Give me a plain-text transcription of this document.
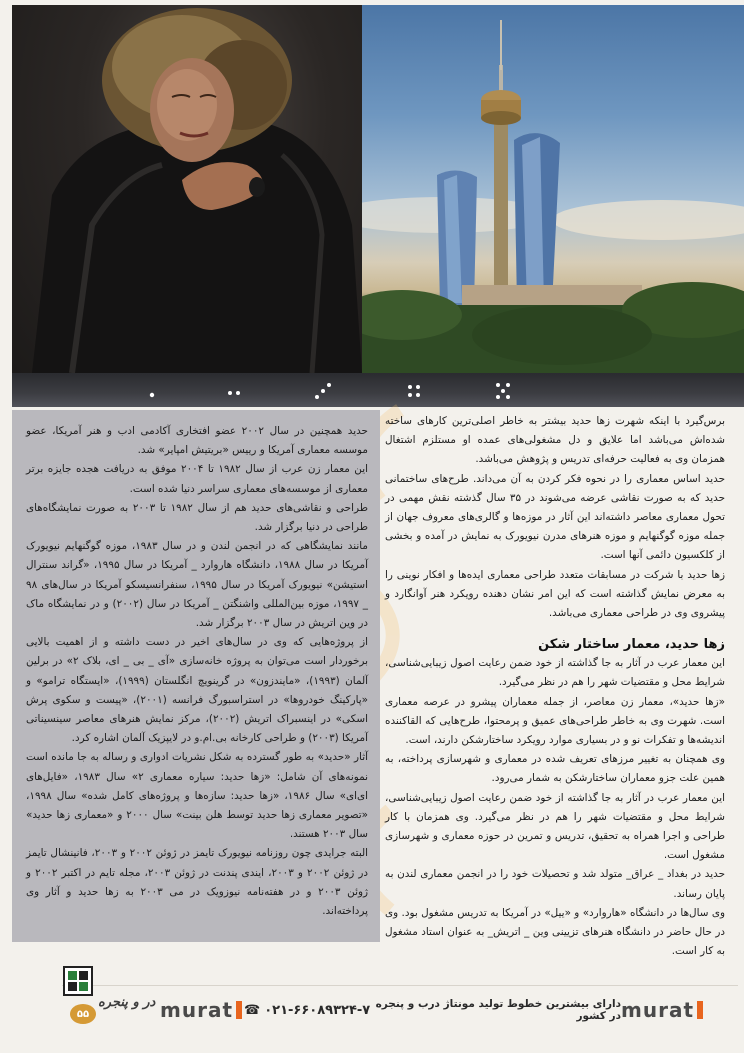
حدید همچنین در سال ۲۰۰۲ عضو افتخاری آکادمی ادب و هنر آمریکا، عضو موسسه معماری آمریکا و رییس «بریتیش امپایر» شد.

این معمار زن عرب از سال ۱۹۸۲ تا ۲۰۰۴ موفق به دریافت هجده جایزه برتر معماری از موسسه‌های معماری سراسر دنیا شده است.

طراحی و نقاشی‌های حدید هم از سال ۱۹۸۲ تا ۲۰۰۳ به صورت نمایشگاه‌های طراحی در دنیا برگزار شد.

مانند نمایشگاهی که در انجمن لندن و در سال ۱۹۸۳، موزه گوگنهایم نیویورک آمریکا در سال ۱۹۸۸، دانشگاه هاروارد _ آمریکا در سال ۱۹۹۵، «گراند سنترال استیشن» نیویورک آمریکا در سال ۱۹۹۵، سنفرانسیسکو آمریکا در سال‌های ۹۸ _ ۱۹۹۷، موزه بین‌المللی واشنگتن _ آمریکا در سال (۲۰۰۲) و در نمایشگاه ماک در وین اتریش در سال ۲۰۰۳ برگزار شد.

از پروژه‌هایی که وی در سال‌های اخیر در دست داشته و از اهمیت بالایی برخوردار است می‌توان به پروژه خانه‌سازی «آی _ بی _ ای، بلاک ۲» در برلین آلمان (۱۹۹۳)، «مایندزون» در گرینویچ انگلستان (۱۹۹۹)، «ایستگاه ترامو» و «پارکینگ خودروها» در استراسبورگ فرانسه (۲۰۰۱)، «پیست و سکوی پرش اسکی» در اینسبراک اتریش (۲۰۰۲)، مرکز نمایش هنرهای معاصر سینسیناتی آمریکا (۲۰۰۳) و طراحی کارخانه بی.ام.و در لایپزیک آلمان اشاره کرد.

آثار «حدید» به طور گسترده به شکل نشریات ادواری و رساله به جا مانده است نمونه‌های آن شامل: «زها حدید: سیاره معماری ۲» سال ۱۹۸۳، «فایل‌های ای‌ای» سال ۱۹۸۶، «زها حدید: سازه‌ها و پروژه‌های کامل شده» سال ۱۹۹۸، «تصویر معماری زها حدید توسط هلن بینت» سال ۲۰۰۰ و «معماری زها حدید» سال ۲۰۰۳ هستند.

البته جرایدی چون روزنامه نیویورک تایمز در ژوئن ۲۰۰۲ و ۲۰۰۳، فانینشال تایمز در ژوئن ۲۰۰۲ و ۲۰۰۳، ایندی پندنت در ژوئن ۲۰۰۳، مجله تایم در اکتبر ۲۰۰۲ و ژوئن ۲۰۰۳ و در هفته‌نامه نیوزویک در می ۲۰۰۳ به زها حدید و آثار وی پرداخته‌اند.

برس‌گیرد با اینکه شهرت زها حدید بیشتر به خاطر اصلی‌ترین کارهای ساخته شده‌اش می‌باشد اما علایق و دل مشغولی‌های عمده او مستلزم اشتغال همزمان وی به فعالیت حرفه‌ای تدریس و پژوهش می‌باشد.

حدید اساس معماری را در نحوه فکر کردن به آن می‌داند. طرح‌های ساختمانی حدید که به صورت نقاشی عرضه می‌شوند در ۳۵ سال گذشته نقش مهمی در تحول معماری معاصر داشته‌اند این آثار در موزه‌ها و گالری‌های معروف جهان از جمله موزه گوگنهایم و موزه هنرهای مدرن نیویورک به نمایش در آمده و بخشی از کلکسیون دائمی آنها است.

زها حدید با شرکت در مسابقات متعدد طراحی معماری ایده‌ها و افکار نوینی را به معرض نمایش گذاشته است که این امر نشان دهنده رویکرد هنر آوانگارد و پیشروی وی در طراحی معماری می‌باشد.

زها حدید، معمار ساختار شکن

این معمار عرب در آثار به جا گذاشته از خود ضمن رعایت اصول زیبایی‌شناسی، شرایط محل و مقتضیات شهر را هم در نظر می‌گیرد.

«زها حدید»، معمار زن معاصر، از جمله معماران پیشرو در عرصه معماری است. شهرت وی به خاطر طراحی‌های عمیق و پرمحتوا، طرح‌هایی که القاکننده اندیشه‌ها و تفکرات نو و در بسیاری موارد رویکرد ساختارشکن دارند، است.

وی همچنان به تغییر مرزهای تعریف شده در معماری و شهرسازی پرداخته، به همین علت جزو معماران ساختارشکن به شمار می‌رود.

این معمار عرب در آثار به جا گذاشته از خود ضمن رعایت اصول زیبایی‌شناسی، شرایط محل و مقتضیات شهر را هم در نظر می‌گیرد. وی همزمان با کار طراحی و اجرا همراه به تحقیق، تدریس و تمرین در حوزه معماری و شهرسازی مشغول است.

حدید در بغداد _ عراق_ متولد شد و تحصیلات خود را در انجمن معماری لندن به پایان رساند.

وی سال‌ها در دانشگاه «هاروارد» و «ییل» در آمریکا به تدریس مشغول بود. وی در حال حاضر در دانشگاه هنرهای تزیینی وین _ اتریش_ به عنوان استاد مشغول به کار است.

۵۵
در و پنجره murat ☎ ۰۲۱-۶۶۰۸۹۳۲۴-۷ دارای بیشترین خطوط تولید مونتاژ درب و پنجره در کشور murat
